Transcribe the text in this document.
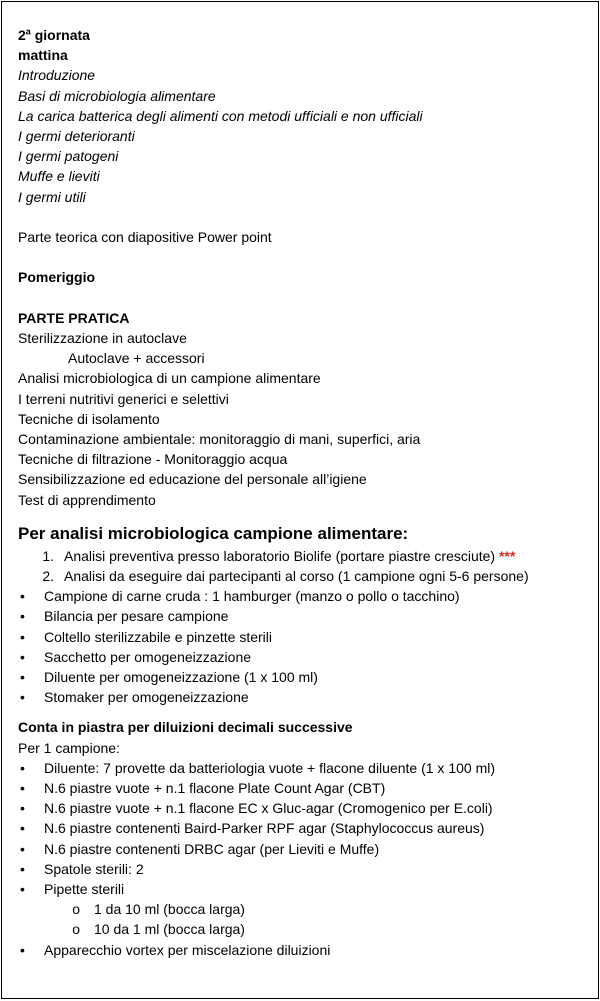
2$^a$ giornata
mattina
Introduzione
Basi di microbiologia alimentare
La carica batterica degli alimenti con metodi ufficiali e non ufficiali
I germi deterioranti
I germi patogeni
Muffe e lieviti
I germi utili
Parte teorica con diapositive Power point
Pomeriggio
PARTE PRATICA
Sterilizzazione in autoclave
Autoclave + accessori
Analisi microbiologica di un campione alimentare
I terreni nutritivi generici e selettivi
Tecniche di isolamento
Contaminazione ambientale: monitoraggio di mani, superfici, aria
Tecniche di filtrazione - Monitoraggio acqua
Sensibilizzazione ed educazione del personale all’igiene
Test di apprendimento
Per analisi microbiologica campione alimentare:
1. Analisi preventiva presso laboratorio Biolife (portare piastre cresciute) ***
2. Analisi da eseguire dai partecipanti al corso (1 campione ogni 5-6 persone)
•	Campione di carne cruda : 1 hamburger (manzo o pollo o tacchino)
•	Bilancia per pesare campione
•	Coltello sterilizzabile e pinzette sterili
•	Sacchetto per omogeneizzazione
•	Diluente per omogeneizzazione (1 x 100 ml)
•	Stomaker per omogeneizzazione
Conta in piastra per diluizioni decimali successive
Per 1 campione:
•	Diluente: 7 provette da batteriologia vuote + flacone diluente (1 x 100 ml)
•	N.6 piastre vuote + n.1 flacone Plate Count Agar (CBT)
•	N.6 piastre vuote + n.1 flacone EC x Gluc-agar (Cromogenico per E.coli)
•	N.6 piastre contenenti Baird-Parker RPF agar (Staphylococcus aureus)
•	N.6 piastre contenenti DRBC agar (per Lieviti e Muffe)
•	Spatole sterili: 2
•	Pipette sterili
o	1 da 10 ml (bocca larga)
o	10 da 1 ml (bocca larga)
•	Apparecchio vortex per miscelazione diluizioni
